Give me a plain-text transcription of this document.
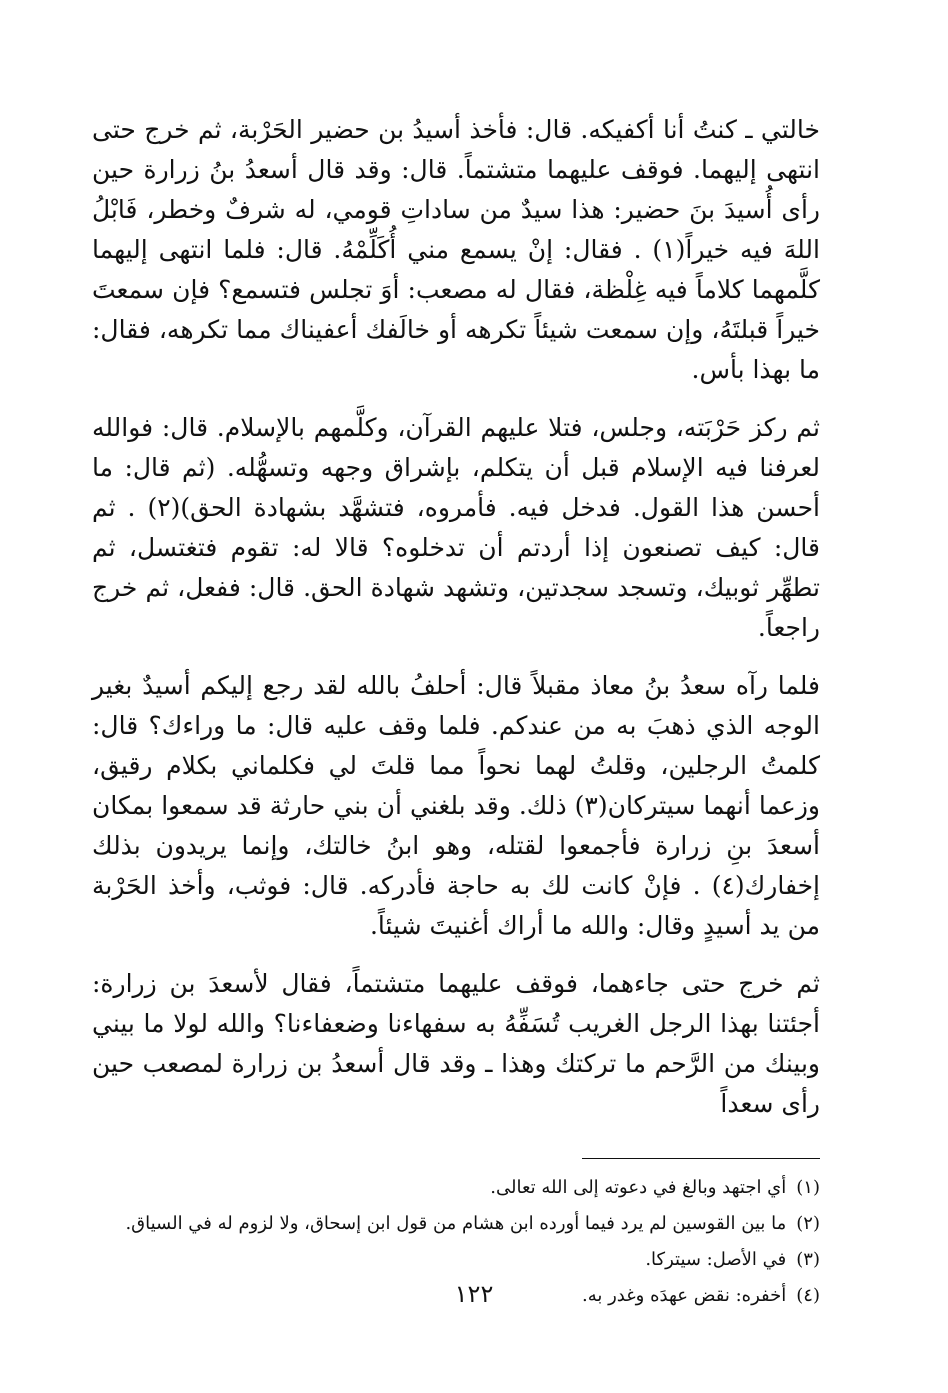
خالتي ـ كنتُ أنا أكفيكه. قال: فأخذ أسيدُ بن حضير الحَرْبة، ثم خرج حتى انتهى إليهما. فوقف عليهما متشتماً. قال: وقد قال أسعدُ بنُ زرارة حين رأى أُسيدَ بنَ حضير: هذا سيدٌ من ساداتِ قومي، له شرفٌ وخطر، فَابْلُ اللهَ فيه خيراً(١) . فقال: إنْ يسمع مني أُكَلِّمْهُ. قال: فلما انتهى إليهما كلَّمهما كلاماً فيه غِلْظة، فقال له مصعب: أوَ تجلس فتسمع؟ فإن سمعتَ خيراً قبلتَهُ، وإن سمعت شيئاً تكرهه أو خالَفك أعفيناك مما تكرهه، فقال: ما بهذا بأس.

ثم ركز حَرْبَته، وجلس، فتلا عليهم القرآن، وكلَّمهم بالإسلام. قال: فوالله لعرفنا فيه الإسلام قبل أن يتكلم، بإشراق وجهه وتسهُّله. (ثم قال: ما أحسن هذا القول. فدخل فيه. فأمروه، فتشهَّد بشهادة الحق)(٢) . ثم قال: كيف تصنعون إذا أردتم أن تدخلوه؟ قالا له: تقوم فتغتسل، ثم تطهِّر ثوبيك، وتسجد سجدتين، وتشهد شهادة الحق. قال: ففعل، ثم خرج راجعاً.

فلما رآه سعدُ بنُ معاذ مقبلاً قال: أحلفُ بالله لقد رجع إليكم أسيدٌ بغير الوجه الذي ذهبَ به من عندكم. فلما وقف عليه قال: ما وراءك؟ قال: كلمتُ الرجلين، وقلتُ لهما نحواً مما قلتَ لي فكلماني بكلام رقيق، وزعما أنهما سيتركان(٣) ذلك. وقد بلغني أن بني حارثة قد سمعوا بمكان أسعدَ بنِ زرارة فأجمعوا لقتله، وهو ابنُ خالتك، وإنما يريدون بذلك إخفارك(٤) . فإنْ كانت لك به حاجة فأدركه. قال: فوثب، وأخذ الحَرْبة من يد أسيدٍ وقال: والله ما أراك أغنيتَ شيئاً.

ثم خرج حتى جاءهما، فوقف عليهما متشتماً، فقال لأسعدَ بن زرارة: أجئتنا بهذا الرجل الغريب تُسَفِّهُ به سفهاءنا وضعفاءنا؟ والله لولا ما بيني وبينك من الرَّحم ما تركتك وهذا ـ وقد قال أسعدُ بن زرارة لمصعب حين رأى سعداً

(١)
أي اجتهد وبالغ في دعوته إلى الله تعالى.
(٢)
ما بين القوسين لم يرد فيما أورده ابن هشام من قول ابن إسحاق، ولا لزوم له في السياق.
(٣)
في الأصل: سيتركا.
(٤)
أخفره: نقض عهدَه وغدر به.
١٢٢
